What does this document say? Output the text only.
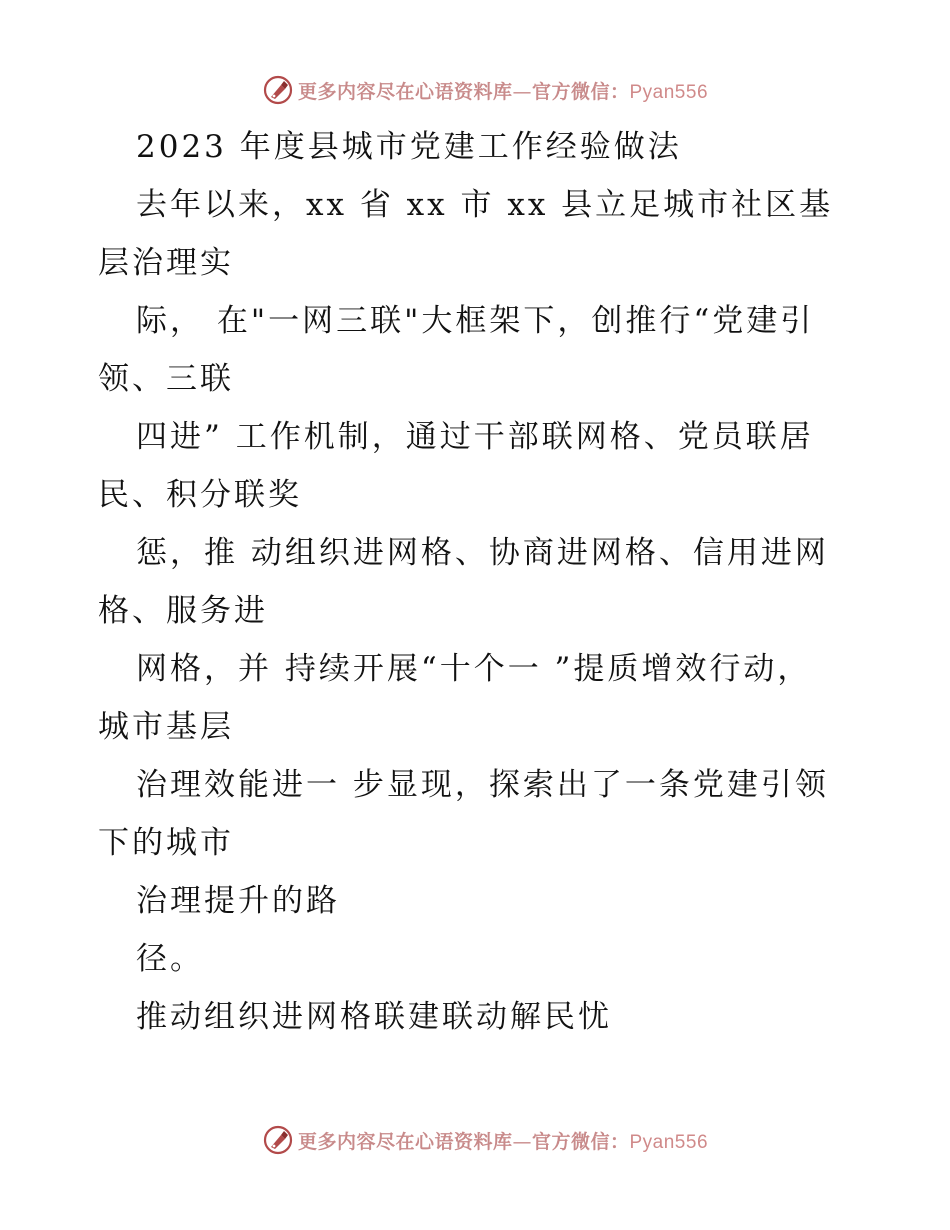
更多内容尽在心语资料库—官方微信：Pyan556
2023 年度县城市党建工作经验做法
去年以来，xx 省 xx 市 xx 县立足城市社区基
层治理实
际， 在"一网三联"大框架下，创推行“党建引
领、三联
四进” 工作机制，通过干部联网格、党员联居
民、积分联奖
惩，推 动组织进网格、协商进网格、信用进网
格、服务进
网格，并 持续开展“十个一 ”提质增效行动，
城市基层
治理效能进一 步显现，探索出了一条党建引领
下的城市
治理提升的路
径。
推动组织进网格联建联动解民忧
更多内容尽在心语资料库—官方微信：Pyan556
